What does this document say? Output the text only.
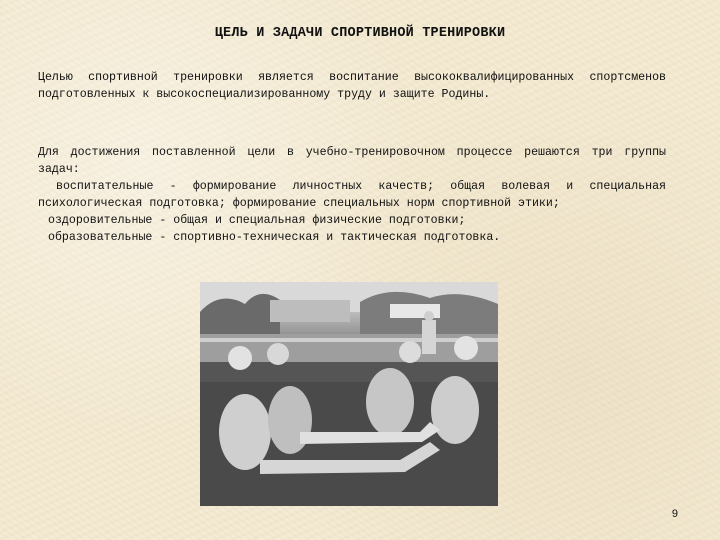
ЦЕЛЬ И ЗАДАЧИ СПОРТИВНОЙ ТРЕНИРОВКИ

Целью спортивной тренировки является воспитание высококвалифицированных спортсменов подготовленных к высокоспециализированному труду и защите Родины.

Для достижения поставленной цели в учебно-тренировочном процессе решаются три группы задач:
воспитательные - формирование личностных качеств; общая волевая и специальная психологическая подготовка; формирование специальных норм спортивной этики;
оздоровительные - общая и специальная физические подготовки;
образовательные - спортивно-техническая и тактическая подготовка.
9
